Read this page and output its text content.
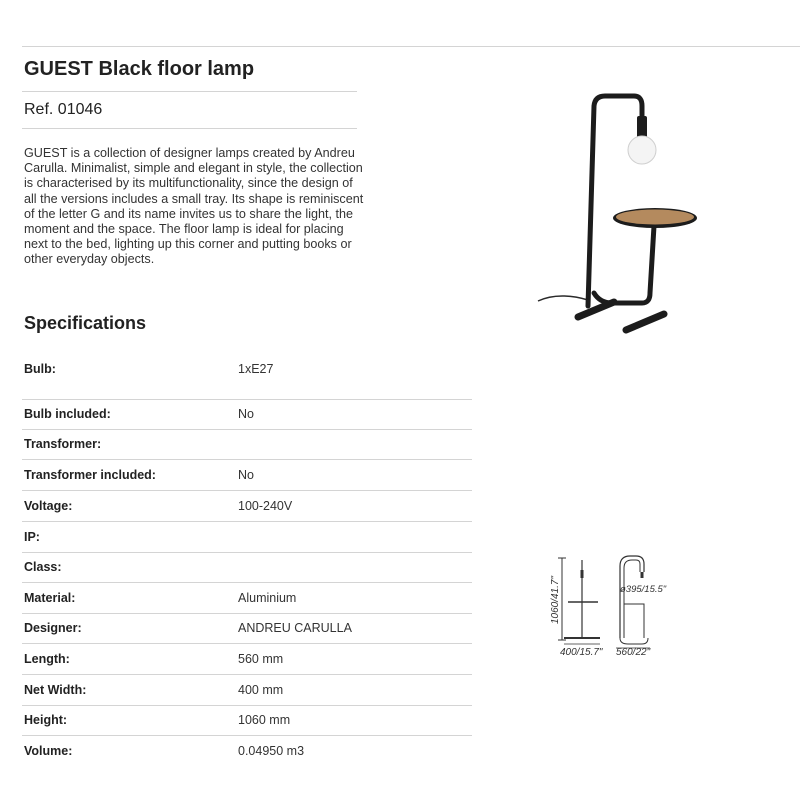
GUEST Black floor lamp
Ref. 01046

GUEST is a collection of designer lamps created by Andreu Carulla. Minimalist, simple and elegant in style, the collection is characterised by its multifunctionality, since the design of all the versions includes a small tray. Its shape is reminiscent of the letter G and its name invites us to share the light, the moment and the space. The floor lamp is ideal for placing next to the bed, lighting up this corner and putting books or other everyday objects.

Specifications
Bulb:	1xE27
Bulb included:	No
Transformer:
Transformer included:	No
Voltage:	100-240V
IP:
Class:
Material:	Aluminium
Designer:	ANDREU CARULLA
Length:	560 mm
Net Width:	400 mm
Height:	1060 mm
Volume:	0.04950 m3
1060/41.7"
400/15.7"
ø395/15.5"
560/22"
